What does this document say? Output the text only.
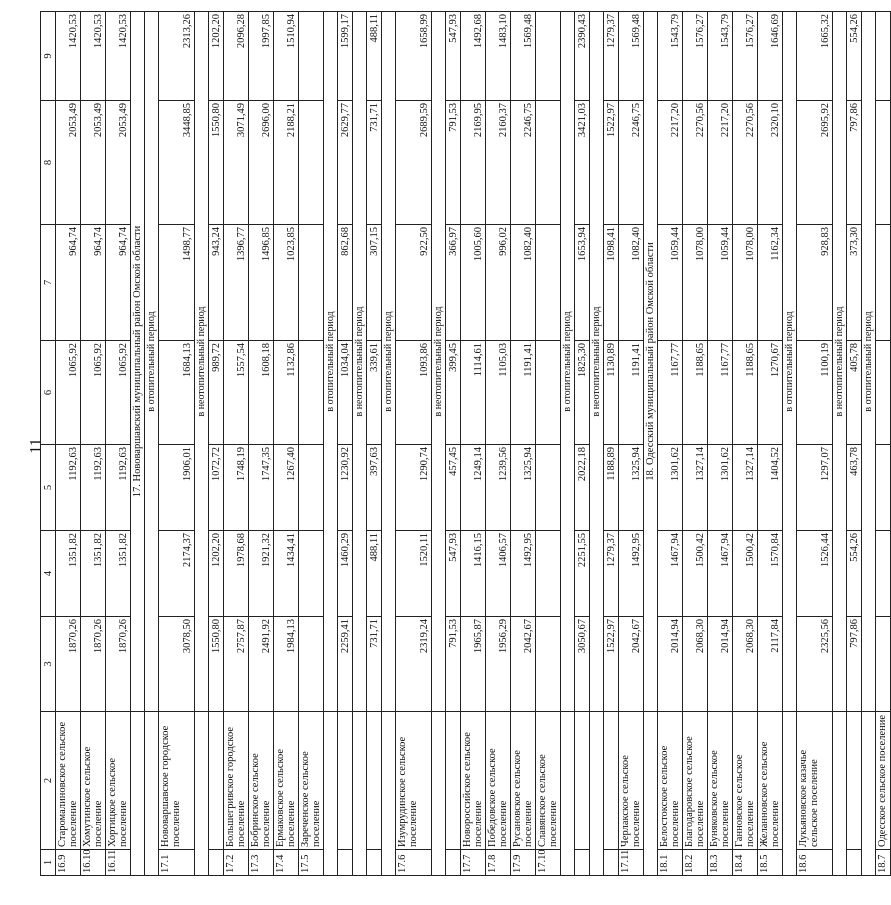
11
1	2	3	4	5	6	7	8	9
16.9	Старомалиновское сельское поселение	1870,26	1351,82	1192,63	1065,92	964,74	2053,49	1420,53
16.10	Хомутинское сельское поселение	1870,26	1351,82	1192,63	1065,92	964,74	2053,49	1420,53
16.11	Хортицкое сельское поселение	1870,26	1351,82	1192,63	1065,92	964,74	2053,49	1420,53
		17. Нововаршавский муниципальный район Омской области						
		в отопительный период						
17.1	Нововаршавское городское поселение	3078,50	2174,37	1906,01	1684,13	1498,77	3448,85	2313,26
		в неотопительный период						
		1550,80	1202,20	1072,72	989,72	943,24	1550,80	1202,20
17.2	Большегривское городское поселение	2757,87	1978,68	1748,19	1557,54	1396,77	3071,49	2096,28
17.3	Бобринское сельское поселение	2491,92	1921,32	1747,35	1608,18	1496,85	2696,00	1997,85
17.4	Ермаковское сельское поселение	1984,13	1434,41	1267,40	1132,86	1023,85	2188,21	1510,94
17.5	Зареченское сельское поселение							
		в отопительный период						
		2259,41	1460,29	1230,92	1034,04	862,68	2629,77	1599,17
		в неотопительный период						
		731,71	488,11	397,63	339,61	307,15	731,71	488,11
		в отопительный период						
17.6	Изумрудинское сельское поселение	2319,24	1520,11	1290,74	1093,86	922,50	2689,59	1658,99
		в неотопительный период						
		791,53	547,93	457,45	399,45	366,97	791,53	547,93
17.7	Новороссийское сельское поселение	1965,87	1416,15	1249,14	1114,61	1005,60	2169,95	1492,68
17.8	Победовское сельское поселение	1956,29	1406,57	1239,56	1105,03	996,02	2160,37	1483,10
17.9	Русановское сельское поселение	2042,67	1492,95	1325,94	1191,41	1082,40	2246,75	1569,48
17.10	Славянское сельское поселение							
		в отопительный период						
		3050,67	2251,55	2022,18	1825,30	1653,94	3421,03	2390,43
		в неотопительный период						
		1522,97	1279,37	1188,89	1130,89	1098,41	1522,97	1279,37
17.11	Черлакское сельское поселение	2042,67	1492,95	1325,94	1191,41	1082,40	2246,75	1569,48
		18. Одесский муниципальный район Омской области						
18.1	Белостокское сельское поселение	2014,94	1467,94	1301,62	1167,77	1059,44	2217,20	1543,79
18.2	Благодаровское сельское поселение	2068,30	1500,42	1327,14	1188,65	1078,00	2270,56	1576,27
18.3	Буняковское сельское поселение	2014,94	1467,94	1301,62	1167,77	1059,44	2217,20	1543,79
18.4	Ганновское сельское поселение	2068,30	1500,42	1327,14	1188,65	1078,00	2270,56	1576,27
18.5	Желанновское сельское поселение	2117,84	1570,84	1404,52	1270,67	1162,34	2320,10	1646,69
		в отопительный период						
18.6	Лукьяновское казачье сельское поселение	2325,56	1526,44	1297,07	1100,19	928,83	2695,92	1665,32
		в неотопительный период						
		797,86	554,26	463,78	405,78	373,30	797,86	554,26
		в отопительный период						
18.7	Одесское сельское поселение							
